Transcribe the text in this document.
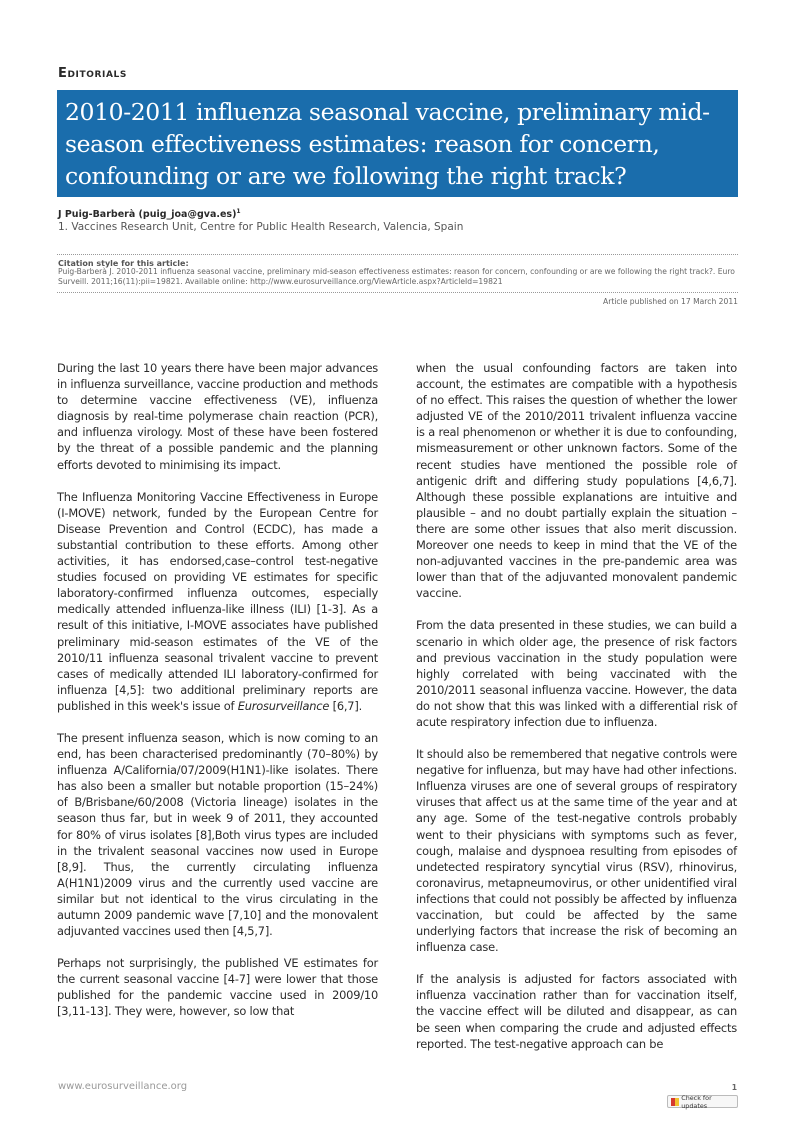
Editorials
2010-2011 influenza seasonal vaccine, preliminary mid-season effectiveness estimates: reason for concern, confounding or are we following the right track?
J Puig-Barberà (puig_joa@gva.es)$^1$
1. Vaccines Research Unit, Centre for Public Health Research, Valencia, Spain
Citation style for this article:
Puig-Barberà J. 2010-2011 influenza seasonal vaccine, preliminary mid-season effectiveness estimates: reason for concern, confounding or are we following the right track?. Euro Surveill. 2011;16(11):pii=19821. Available online: http://www.eurosurveillance.org/ViewArticle.aspx?ArticleId=19821
Article published on 17 March 2011

During the last 10 years there have been major advances in influenza surveillance, vaccine production and methods to determine vaccine effectiveness (VE), influenza diagnosis by real-time polymerase chain reaction (PCR), and influenza virology. Most of these have been fostered by the threat of a possible pandemic and the planning efforts devoted to minimising its impact.

The Influenza Monitoring Vaccine Effectiveness in Europe (I-MOVE) network, funded by the European Centre for Disease Prevention and Control (ECDC), has made a substantial contribution to these efforts. Among other activities, it has endorsed,case–control test-negative studies focused on providing VE estimates for specific laboratory-confirmed influenza outcomes, especially medically attended influenza-like illness (ILI) [1-3]. As a result of this initiative, I-MOVE associates have published preliminary mid-season estimates of the VE of the 2010/11 influenza seasonal trivalent vaccine to prevent cases of medically attended ILI laboratory-confirmed for influenza [4,5]: two additional preliminary reports are published in this week's issue of Eurosurveillance [6,7].

The present influenza season, which is now coming to an end, has been characterised predominantly (70–80%) by influenza A/California/07/2009(H1N1)-like isolates. There has also been a smaller but notable proportion (15–24%) of B/Brisbane/60/2008 (Victoria lineage) isolates in the season thus far, but in week 9 of 2011, they accounted for 80% of virus isolates [8],Both virus types are included in the trivalent seasonal vaccines now used in Europe [8,9]. Thus, the currently circulating influenza A(H1N1)2009 virus and the currently used vaccine are similar but not identical to the virus circulating in the autumn 2009 pandemic wave [7,10] and the monovalent adjuvanted vaccines used then [4,5,7].

Perhaps not surprisingly, the published VE estimates for the current seasonal vaccine [4-7] were lower that those published for the pandemic vaccine used in 2009/10 [3,11-13]. They were, however, so low that

when the usual confounding factors are taken into account, the estimates are compatible with a hypothesis of no effect. This raises the question of whether the lower adjusted VE of the 2010/2011 trivalent influenza vaccine is a real phenomenon or whether it is due to confounding, mismeasurement or other unknown factors. Some of the recent studies have mentioned the possible role of antigenic drift and differing study populations [4,6,7]. Although these possible explanations are intuitive and plausible – and no doubt partially explain the situation – there are some other issues that also merit discussion. Moreover one needs to keep in mind that the VE of the non-adjuvanted vaccines in the pre-pandemic area was lower than that of the adjuvanted monovalent pandemic vaccine.

From the data presented in these studies, we can build a scenario in which older age, the presence of risk factors and previous vaccination in the study population were highly correlated with being vaccinated with the 2010/2011 seasonal influenza vaccine. However, the data do not show that this was linked with a differential risk of acute respiratory infection due to influenza.

It should also be remembered that negative controls were negative for influenza, but may have had other infections. Influenza viruses are one of several groups of respiratory viruses that affect us at the same time of the year and at any age. Some of the test-negative controls probably went to their physicians with symptoms such as fever, cough, malaise and dyspnoea resulting from episodes of undetected respiratory syncytial virus (RSV), rhinovirus, coronavirus, metapneumovirus, or other unidentified viral infections that could not possibly be affected by influenza vaccination, but could be affected by the same underlying factors that increase the risk of becoming an influenza case.

If the analysis is adjusted for factors associated with influenza vaccination rather than for vaccination itself, the vaccine effect will be diluted and disappear, as can be seen when comparing the crude and adjusted effects reported. The test-negative approach can be

www.eurosurveillance.org	1
Check for updates
